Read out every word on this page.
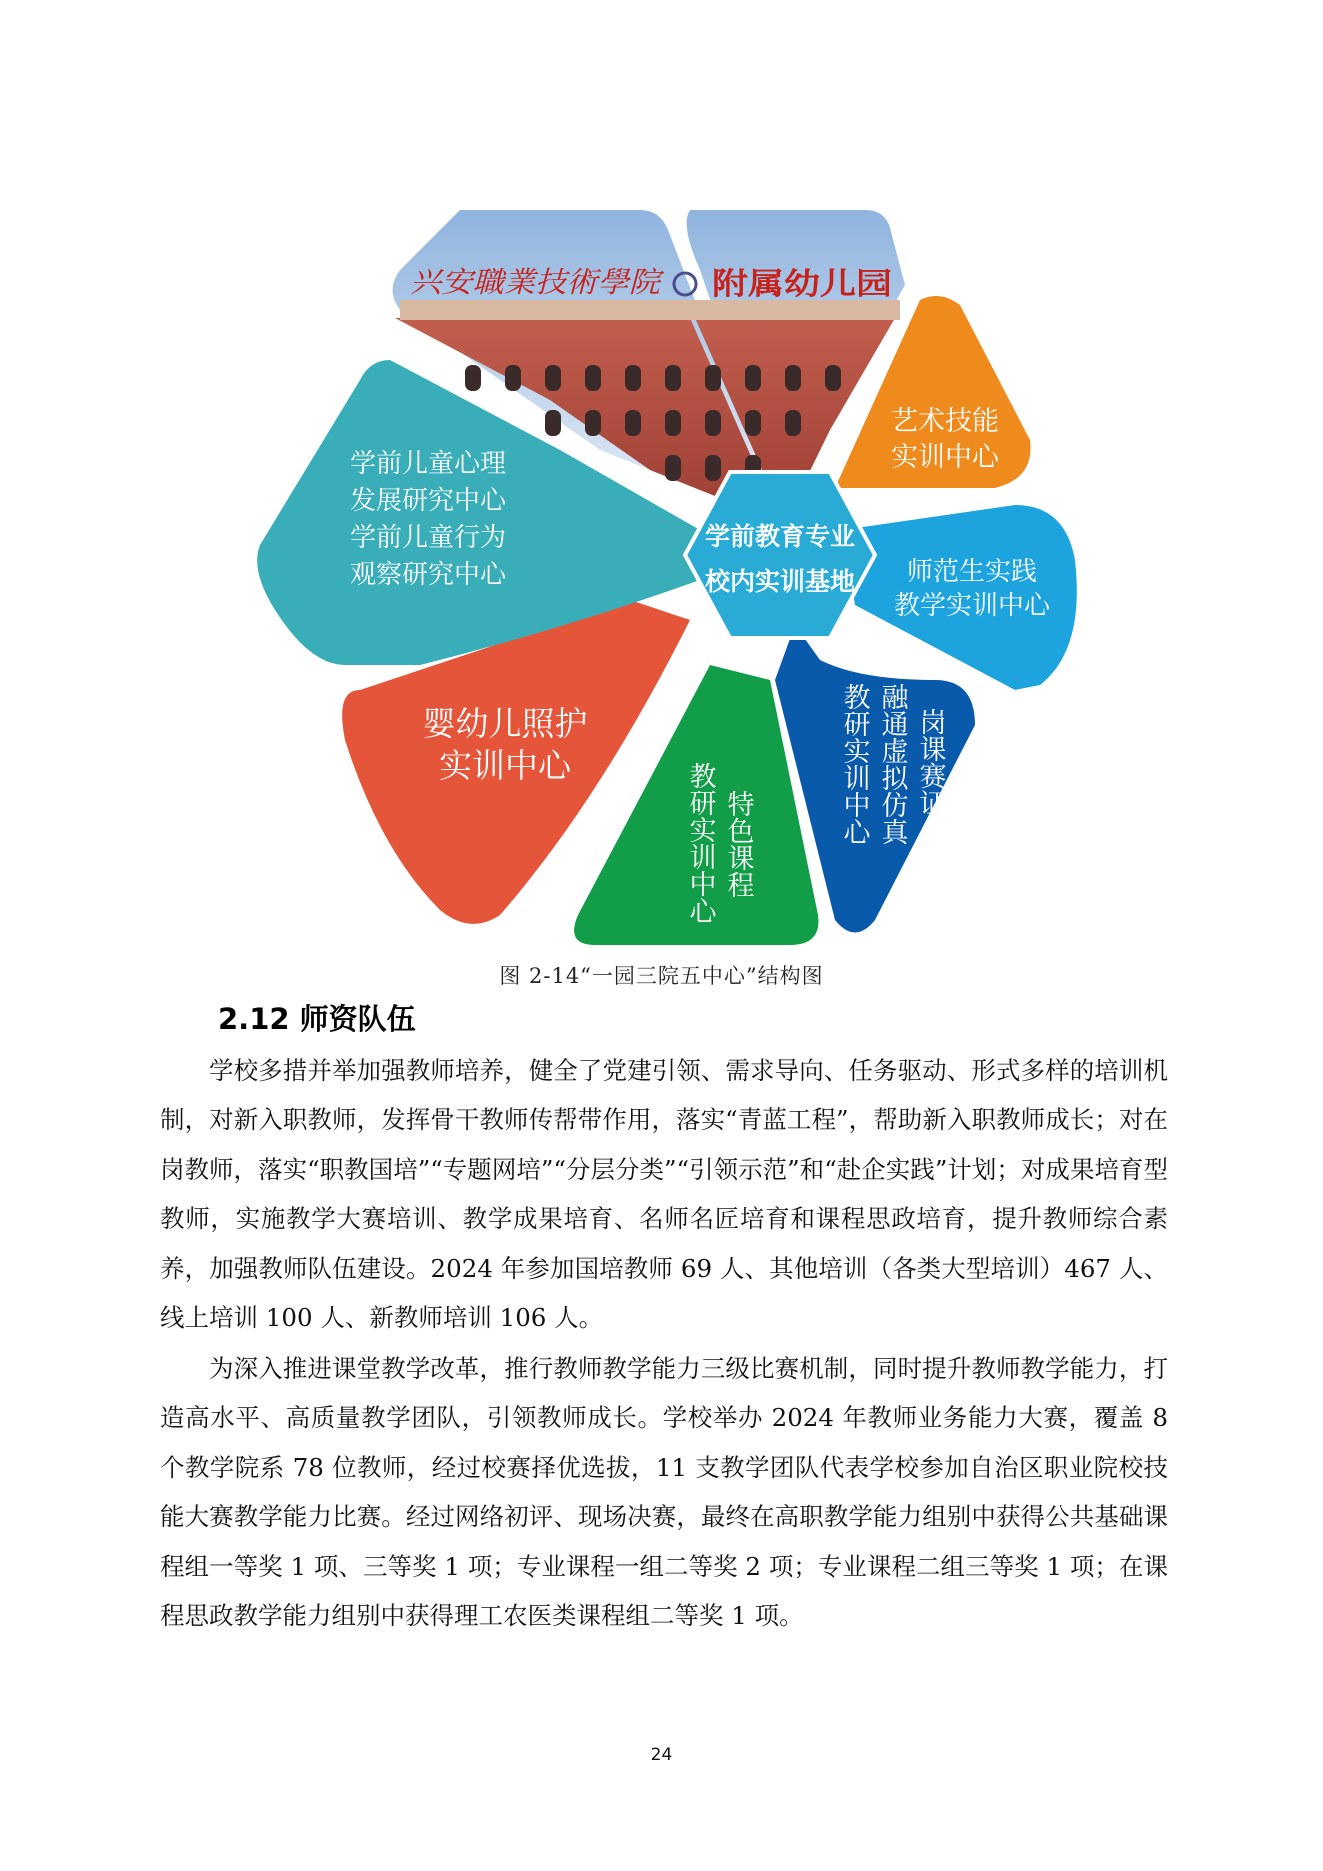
兴安職業技術學院 附属幼儿园
学前教育专业
校内实训基地
艺术技能
实训中心
师范生实践
教学实训中心
岗课赛证
融通虚拟仿真
教研实训中心
特色课程
教研实训中心
婴幼儿照护
实训中心
学前儿童心理
发展研究中心
学前儿童行为
观察研究中心
图 2-14“一园三院五中心”结构图
2.12 师资队伍

学校多措并举加强教师培养，健全了党建引领、需求导向、任务驱动、形式多样的培训机制，对新入职教师，发挥骨干教师传帮带作用，落实“青蓝工程”，帮助新入职教师成长；对在岗教师，落实“职教国培”“专题网培”“分层分类”“引领示范”和“赴企实践”计划；对成果培育型教师，实施教学大赛培训、教学成果培育、名师名匠培育和课程思政培育，提升教师综合素养，加强教师队伍建设。2024 年参加国培教师 69 人、其他培训（各类大型培训）467 人、线上培训 100 人、新教师培训 106 人。

为深入推进课堂教学改革，推行教师教学能力三级比赛机制，同时提升教师教学能力，打造高水平、高质量教学团队，引领教师成长。学校举办 2024 年教师业务能力大赛，覆盖 8 个教学院系 78 位教师，经过校赛择优选拔，11 支教学团队代表学校参加自治区职业院校技能大赛教学能力比赛。经过网络初评、现场决赛，最终在高职教学能力组别中获得公共基础课程组一等奖 1 项、三等奖 1 项；专业课程一组二等奖 2 项；专业课程二组三等奖 1 项；在课程思政教学能力组别中获得理工农医类课程组二等奖 1 项。

24
